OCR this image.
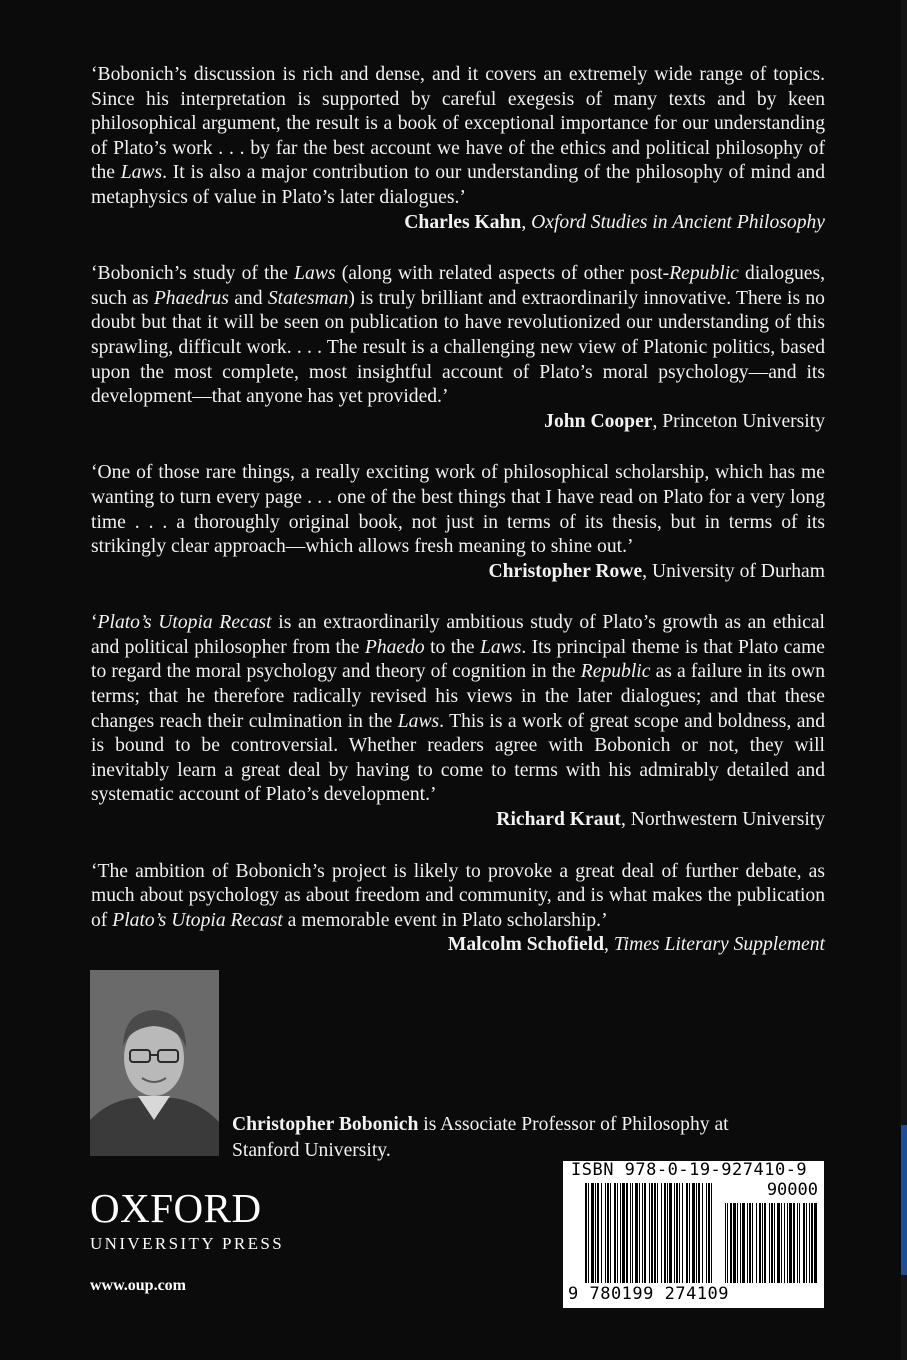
‘Bobonich’s discussion is rich and dense, and it covers an extremely wide range of topics. Since his interpretation is supported by careful exegesis of many texts and by keen philosophical argument, the result is a book of exceptional importance for our understanding of Plato’s work . . . by far the best account we have of the ethics and political philosophy of the Laws. It is also a major contribution to our understanding of the philosophy of mind and metaphysics of value in Plato’s later dialogues.’

Charles Kahn, Oxford Studies in Ancient Philosophy

‘Bobonich’s study of the Laws (along with related aspects of other post-Republic dialogues, such as Phaedrus and Statesman) is truly brilliant and extraordinarily innovative. There is no doubt but that it will be seen on publication to have revolutionized our understanding of this sprawling, difficult work. . . . The result is a challenging new view of Platonic politics, based upon the most complete, most insightful account of Plato’s moral psychology—and its development—that anyone has yet provided.’

John Cooper, Princeton University

‘One of those rare things, a really exciting work of philosophical scholarship, which has me wanting to turn every page . . . one of the best things that I have read on Plato for a very long time . . . a thoroughly original book, not just in terms of its thesis, but in terms of its strikingly clear approach—which allows fresh meaning to shine out.’

Christopher Rowe, University of Durham

‘Plato’s Utopia Recast is an extraordinarily ambitious study of Plato’s growth as an ethical and political philosopher from the Phaedo to the Laws. Its principal theme is that Plato came to regard the moral psychology and theory of cognition in the Republic as a failure in its own terms; that he therefore radically revised his views in the later dialogues; and that these changes reach their culmination in the Laws. This is a work of great scope and boldness, and is bound to be controversial. Whether readers agree with Bobonich or not, they will inevitably learn a great deal by having to come to terms with his admirably detailed and systematic account of Plato’s development.’

Richard Kraut, Northwestern University

‘The ambition of Bobonich’s project is likely to provoke a great deal of further debate, as much about psychology as about freedom and community, and is what makes the publication of Plato’s Utopia Recast a memorable event in Plato scholarship.’

Malcolm Schofield, Times Literary Supplement
Christopher Bobonich is Associate Professor of Philosophy at Stanford University.
OXFORD
UNIVERSITY PRESS
www.oup.com
ISBN 978-0-19-927410-9
90000
9 780199 274109
